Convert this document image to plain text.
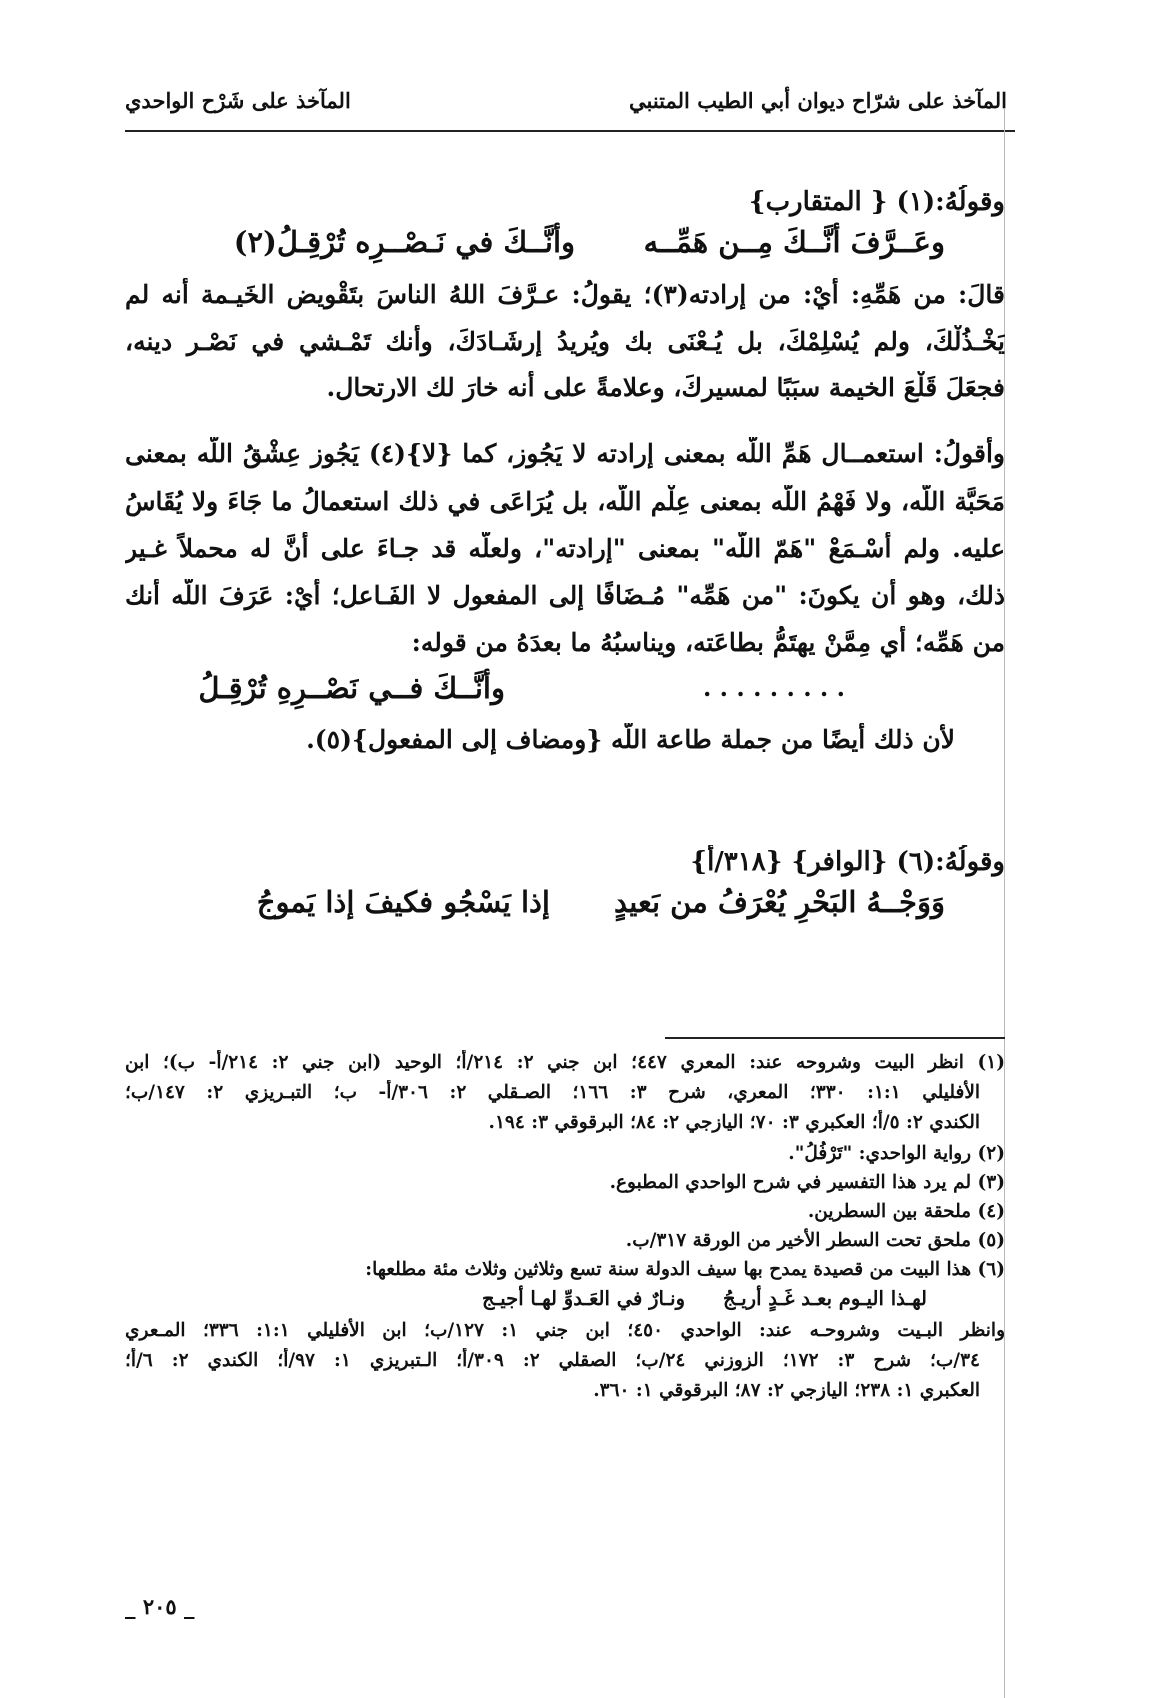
المآخذ على شرّاح ديوان أبي الطيب المتنبي
المآخذ على شَرْح الواحدي
وقولُهُ:(١) { المتقارب}
وعَــرَّفَ أنَّــكَ مِــن هَمِّــه
وأنَّــكَ في نَـصْــرِه تُرْقِـلُ(٢)
قالَ: من هَمِّهِ: أيْ: من إرادته(٣)؛ يقولُ: عـرَّفَ اللهُ الناسَ بتَقْويض الخَيـمة أنه لم
يَخْـذُلْكَ، ولم يُسْلِمْكَ، بل يُـعْنَى بك ويُريدُ إرشَـادَكَ، وأنك تَمْـشي في نَصْـر دينه،
فجعَلَ قَلْعَ الخيمة سبَبًا لمسيركَ، وعلامةً على أنه خارَ لك الارتحال.
وأقولُ: استعمــال هَمِّ اللّه بمعنى إرادته لا يَجُوز، كما {لا}(٤) يَجُوز عِشْقُ اللّه بمعنى
مَحَبَّة اللّه، ولا فَهْمُ اللّه بمعنى عِلْم اللّه، بل يُرَاعَى في ذلك استعمالُ ما جَاءَ ولا يُقَاسُ
عليه. ولم أسْـمَعْ "هَمّ اللّه" بمعنى "إرادته"، ولعلَّه قد جـاءَ على أنَّ له محملاً غـير
ذلك، وهو أن يكونَ: "من هَمِّه" مُـضَافًا إلى المفعول لا الفَـاعل؛ أيْ: عَرَفَ اللّه أنك
من هَمِّه؛ أي مِمَّنْ يهتَمُّ بطاعَته، ويناسبُهُ ما بعدَهُ من قوله:
. . . . . . . . .
وأنَّــكَ فــي نَصْــرِهِ تُرْقِـلُ
لأن ذلك أيضًا من جملة طاعة اللّه {ومضاف إلى المفعول}(٥).
وقولُهُ:(٦) {الوافر} {٣١٨/أ}
وَوَجْــهُ البَحْرِ يُعْرَفُ من بَعيدٍ
إذا يَسْجُو فكيفَ إذا يَموجُ
(١) انظر البيت وشروحه عند: المعري ٤٤٧؛ ابن جني ٢: ٢١٤/أ؛ الوحيد (ابن جني ٢: ٢١٤/أ- ب)؛ ابن
الأفليلي ١:١: ٣٣٠؛ المعري، شرح ٣: ١٦٦؛ الصـقلي ٢: ٣٠٦/أ- ب؛ التبـريزي ٢: ١٤٧/ب؛
الكندي ٢: ٥/أ؛ العكبري ٣: ٧٠؛ اليازجي ٢: ٨٤؛ البرقوقي ٣: ١٩٤.
(٢) رواية الواحدي: "تَرْفُلُ".
(٣) لم يرد هذا التفسير في شرح الواحدي المطبوع.
(٤) ملحقة بين السطرين.
(٥) ملحق تحت السطر الأخير من الورقة ٣١٧/ب.
(٦) هذا البيت من قصيدة يمدح بها سيف الدولة سنة تسع وثلاثين وثلاث مئة مطلعها:
لهـذا اليـوم بعـد غَـدٍ أريـجُ
ونـارٌ في العَـدوِّ لهـا أجيـج
وانظر البـيت وشروحـه عند: الواحدي ٤٥٠؛ ابن جني ١: ١٢٧/ب؛ ابن الأفليلي ١:١: ٣٣٦؛ المـعري
٣٤/ب؛ شرح ٣: ١٧٢؛ الزوزني ٢٤/ب؛ الصقلي ٢: ٣٠٩/أ؛ الـتبريزي ١: ٩٧/أ؛ الكندي ٢: ٦/أ؛
العكبري ١: ٢٣٨؛ اليازجي ٢: ٨٧؛ البرقوقي ١: ٣٦٠.
_ ٢٠٥ _
